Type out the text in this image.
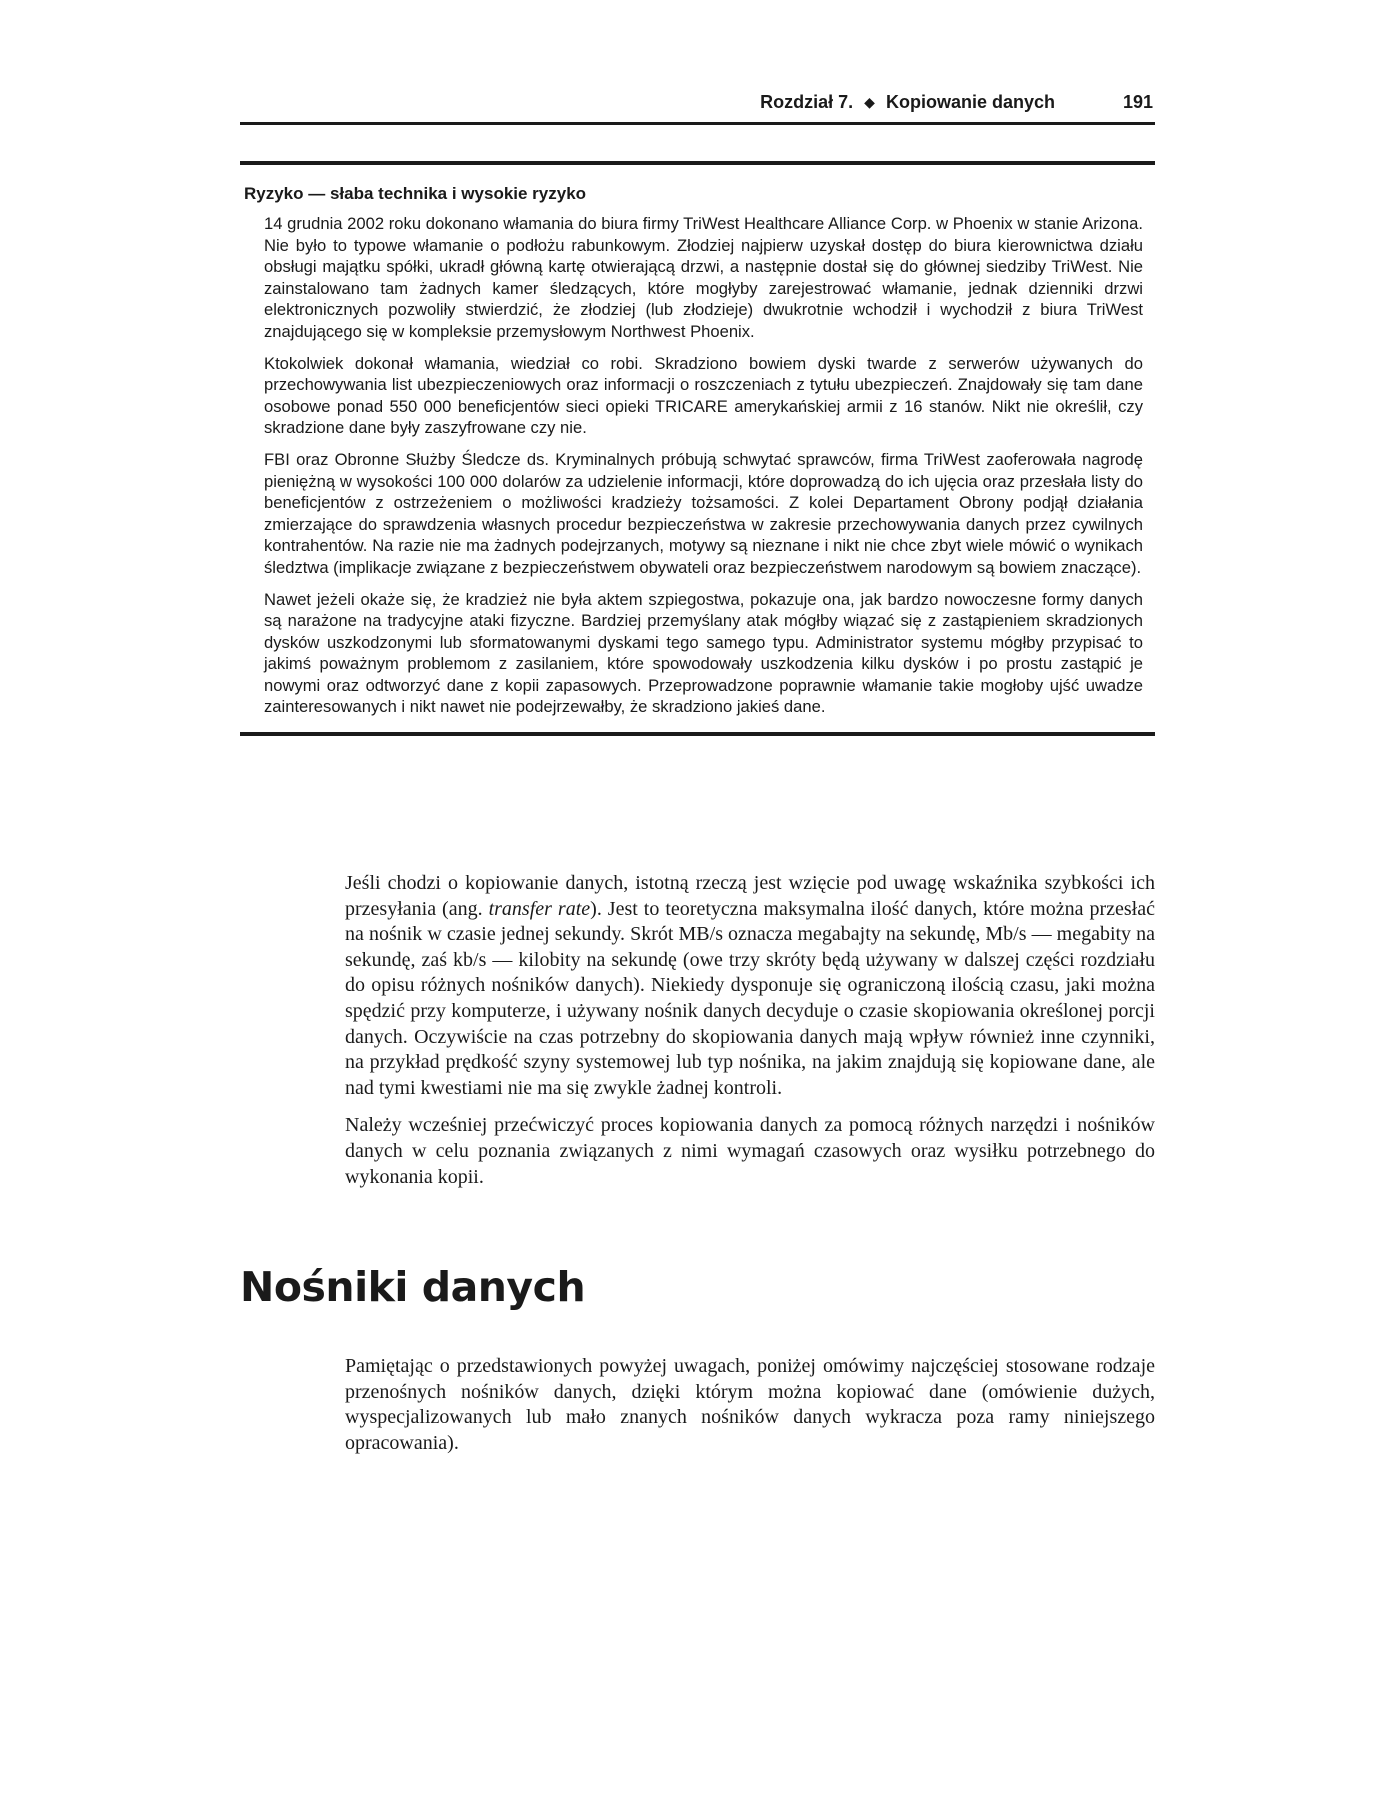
Rozdział 7. ◆ Kopiowanie danych	191
Ryzyko — słaba technika i wysokie ryzyko

14 grudnia 2002 roku dokonano włamania do biura firmy TriWest Healthcare Alliance Corp. w Phoenix w stanie Arizona. Nie było to typowe włamanie o podłożu rabunkowym. Złodziej najpierw uzyskał dostęp do biura kierownictwa działu obsługi majątku spółki, ukradł główną kartę otwierającą drzwi, a następnie dostał się do głównej siedziby TriWest. Nie zainstalowano tam żadnych kamer śledzących, które mogłyby zarejestrować włamanie, jednak dzienniki drzwi elektronicznych pozwoliły stwierdzić, że złodziej (lub złodzieje) dwukrotnie wchodził i wychodził z biura TriWest znajdującego się w kompleksie przemysłowym Northwest Phoenix.

Ktokolwiek dokonał włamania, wiedział co robi. Skradziono bowiem dyski twarde z serwerów używanych do przechowywania list ubezpieczeniowych oraz informacji o roszczeniach z tytułu ubezpieczeń. Znajdowały się tam dane osobowe ponad 550 000 beneficjentów sieci opieki TRICARE amerykańskiej armii z 16 stanów. Nikt nie określił, czy skradzione dane były zaszyfrowane czy nie.

FBI oraz Obronne Służby Śledcze ds. Kryminalnych próbują schwytać sprawców, firma TriWest zaoferowała nagrodę pieniężną w wysokości 100 000 dolarów za udzielenie informacji, które doprowadzą do ich ujęcia oraz przesłała listy do beneficjentów z ostrzeżeniem o możliwości kradzieży tożsamości. Z kolei Departament Obrony podjął działania zmierzające do sprawdzenia własnych procedur bezpieczeństwa w zakresie przechowywania danych przez cywilnych kontrahentów. Na razie nie ma żadnych podejrzanych, motywy są nieznane i nikt nie chce zbyt wiele mówić o wynikach śledztwa (implikacje związane z bezpieczeństwem obywateli oraz bezpieczeństwem narodowym są bowiem znaczące).

Nawet jeżeli okaże się, że kradzież nie była aktem szpiegostwa, pokazuje ona, jak bardzo nowoczesne formy danych są narażone na tradycyjne ataki fizyczne. Bardziej przemyślany atak mógłby wiązać się z zastąpieniem skradzionych dysków uszkodzonymi lub sformatowanymi dyskami tego samego typu. Administrator systemu mógłby przypisać to jakimś poważnym problemom z zasilaniem, które spowodowały uszkodzenia kilku dysków i po prostu zastąpić je nowymi oraz odtworzyć dane z kopii zapasowych. Przeprowadzone poprawnie włamanie takie mogłoby ujść uwadze zainteresowanych i nikt nawet nie podejrzewałby, że skradziono jakieś dane.

Jeśli chodzi o kopiowanie danych, istotną rzeczą jest wzięcie pod uwagę wskaźnika szybkości ich przesyłania (ang. transfer rate). Jest to teoretyczna maksymalna ilość danych, które można przesłać na nośnik w czasie jednej sekundy. Skrót MB/s oznacza megabajty na sekundę, Mb/s — megabity na sekundę, zaś kb/s — kilobity na sekundę (owe trzy skróty będą używany w dalszej części rozdziału do opisu różnych nośników danych). Niekiedy dysponuje się ograniczoną ilością czasu, jaki można spędzić przy komputerze, i używany nośnik danych decyduje o czasie skopiowania określonej porcji danych. Oczywiście na czas potrzebny do skopiowania danych mają wpływ również inne czynniki, na przykład prędkość szyny systemowej lub typ nośnika, na jakim znajdują się kopiowane dane, ale nad tymi kwestiami nie ma się zwykle żadnej kontroli.

Należy wcześniej przećwiczyć proces kopiowania danych za pomocą różnych narzędzi i nośników danych w celu poznania związanych z nimi wymagań czasowych oraz wysiłku potrzebnego do wykonania kopii.

Nośniki danych

Pamiętając o przedstawionych powyżej uwagach, poniżej omówimy najczęściej stosowane rodzaje przenośnych nośników danych, dzięki którym można kopiować dane (omówienie dużych, wyspecjalizowanych lub mało znanych nośników danych wykracza poza ramy niniejszego opracowania).
